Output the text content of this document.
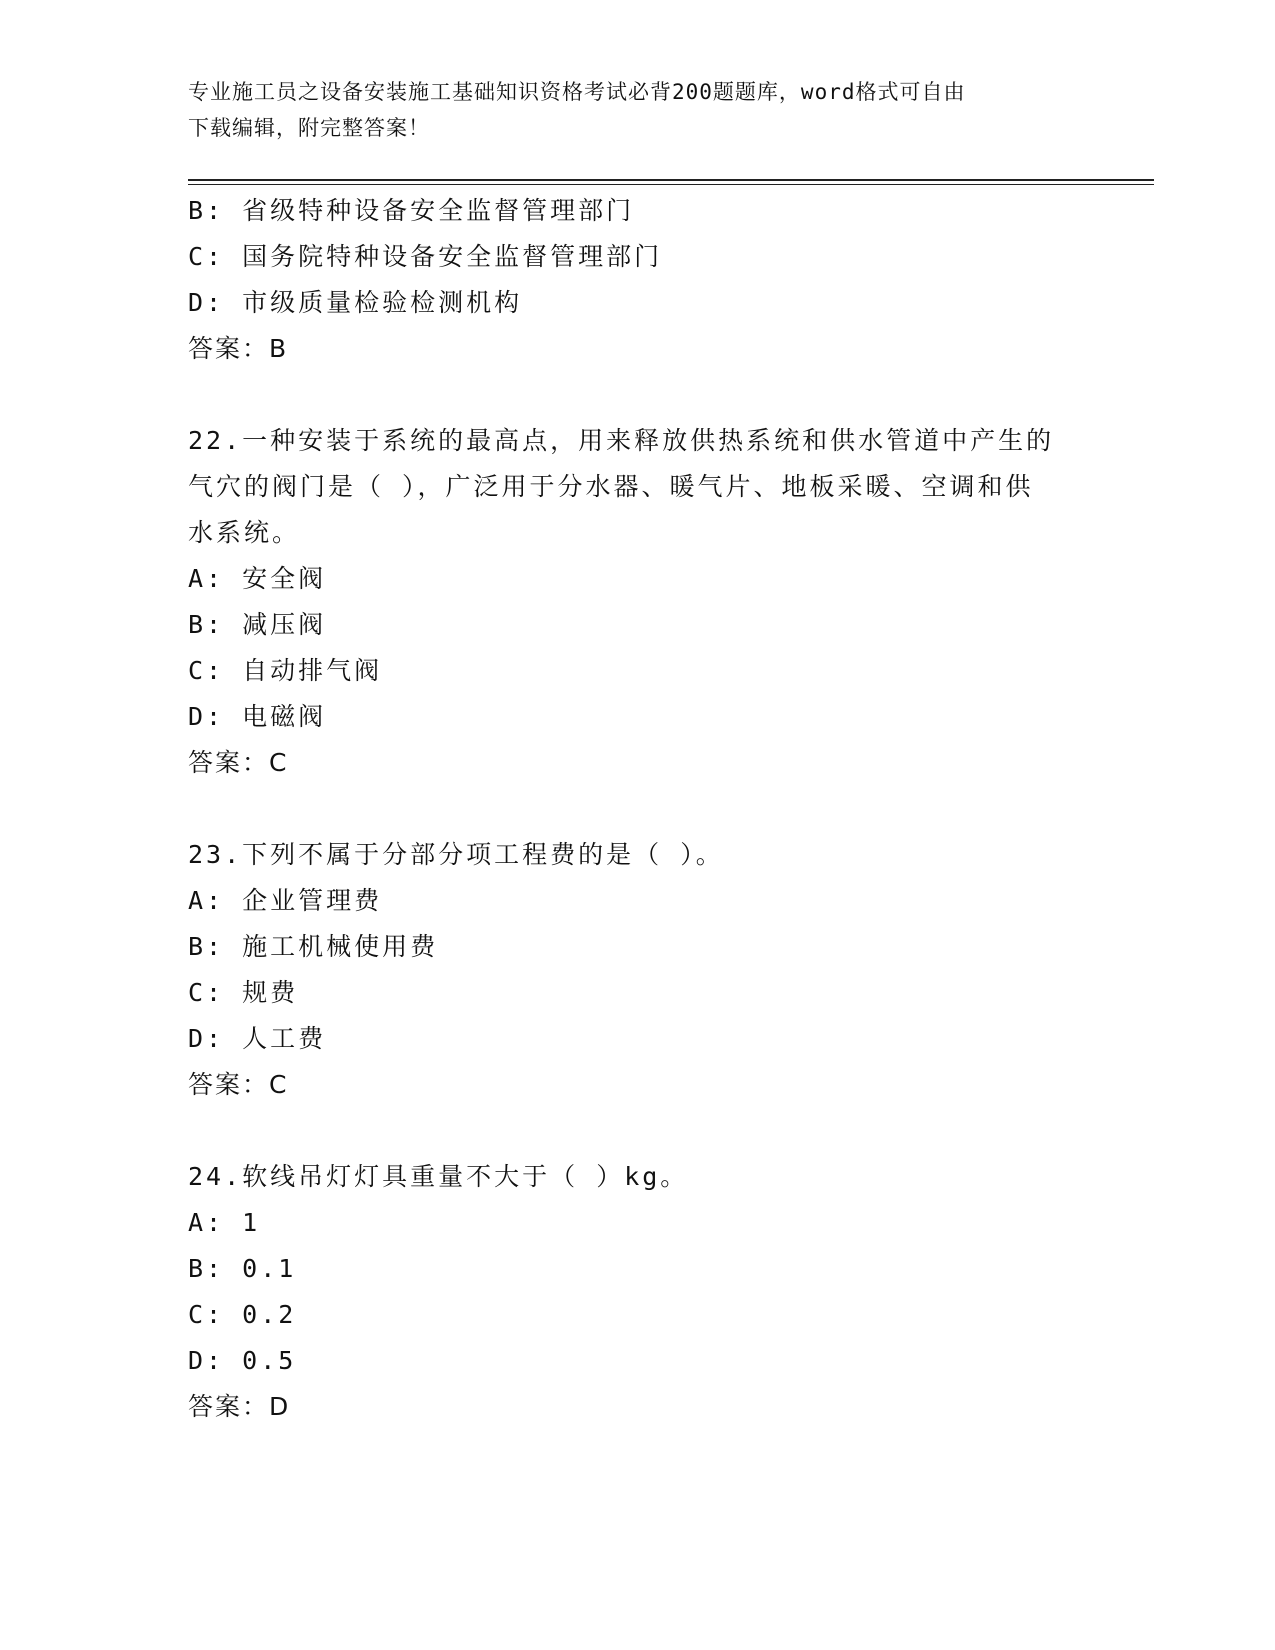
专业施工员之设备安装施工基础知识资格考试必背200题题库，word格式可自由
下载编辑，附完整答案！
B: 省级特种设备安全监督管理部门
C: 国务院特种设备安全监督管理部门
D: 市级质量检验检测机构
答案：B
22.一种安装于系统的最高点，用来释放供热系统和供水管道中产生的
气穴的阀门是（ ），广泛用于分水器、暖气片、地板采暖、空调和供
水系统。
A: 安全阀
B: 减压阀
C: 自动排气阀
D: 电磁阀
答案：C
23.下列不属于分部分项工程费的是（ ）。
A: 企业管理费
B: 施工机械使用费
C: 规费
D: 人工费
答案：C
24.软线吊灯灯具重量不大于（ ）kg。
A: 1
B: 0.1
C: 0.2
D: 0.5
答案：D
